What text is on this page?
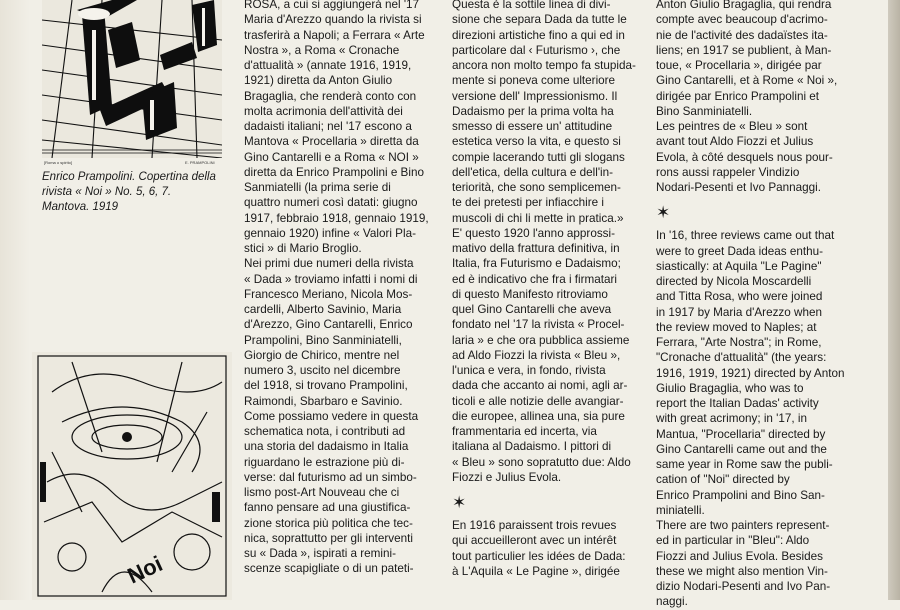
[Roma o spirito]	E. PRAMPOLINI
Enrico Prampolini. Copertina della
rivista « Noi » No. 5, 6, 7.
Mantova. 1919
Noi
ROSA, a cui si aggiungerà nel '17
Maria d'Arezzo quando la rivista si
trasferirà a Napoli; a Ferrara « Arte
Nostra », a Roma « Cronache
d'attualità » (annate 1916, 1919,
1921) diretta da Anton Giulio
Bragaglia, che renderà conto con
molta acrimonia dell'attività dei
dadaisti italiani; nel '17 escono a
Mantova « Procellaria » diretta da
Gino Cantarelli e a Roma « NOI »
diretta da Enrico Prampolini e Bino
Sanmiatelli (la prima serie di
quattro numeri così datati: giugno
1917, febbraio 1918, gennaio 1919,
gennaio 1920) infine « Valori Pla-
stici » di Mario Broglio.
Nei primi due numeri della rivista
« Dada » troviamo infatti i nomi di
Francesco Meriano, Nicola Mos-
cardelli, Alberto Savinio, Maria
d'Arezzo, Gino Cantarelli, Enrico
Prampolini, Bino Sanminiatelli,
Giorgio de Chirico, mentre nel
numero 3, uscito nel dicembre
del 1918, si trovano Prampolini,
Raimondi, Sbarbaro e Savinio.
Come possiamo vedere in questa
schematica nota, i contributi ad
una storia del dadaismo in Italia
riguardano le estrazione più di-
verse: dal futurismo ad un simbo-
lismo post-Art Nouveau che ci
fanno pensare ad una giustifica-
zione storica più politica che tec-
nica, soprattutto per gli interventi
su « Dada », ispirati a remini-
scenze scapigliate o di un pateti-
Questa è la sottile linea di divi-
sione che separa Dada da tutte le
direzioni artistiche fino a qui ed in
particolare dal ‹ Futurismo ›, che
ancora non molto tempo fa stupida-
mente si poneva come ulteriore
versione dell' Impressionismo. Il
Dadaismo per la prima volta ha
smesso di essere un' attitudine
estetica verso la vita, e questo si
compie lacerando tutti gli slogans
dell'etica, della cultura e dell'in-
teriorità, che sono semplicemen-
te dei pretesti per infiacchire i
muscoli di chi li mette in pratica.»
E' questo 1920 l'anno approssi-
mativo della frattura definitiva, in
Italia, fra Futurismo e Dadaismo;
ed è indicativo che fra i firmatari
di questo Manifesto ritroviamo
quel Gino Cantarelli che aveva
fondato nel '17 la rivista « Procel-
laria » e che ora pubblica assieme
ad Aldo Fiozzi la rivista « Bleu »,
l'unica e vera, in fondo, rivista
dada che accanto ai nomi, agli ar-
ticoli e alle notizie delle avangiar-
die europee, allinea una, sia pure
frammentaria ed incerta, via
italiana al Dadaismo. I pittori di
« Bleu » sono sopratutto due: Aldo
Fiozzi e Julius Evola.
✶
En 1916 paraissent trois revues
qui accueilleront avec un intérêt
tout particulier les idées de Dada:
à L'Aquila « Le Pagine », dirigée
Anton Giulio Bragaglia, qui rendra
compte avec beaucoup d'acrimo-
nie de l'activité des dadaïstes ita-
liens; en 1917 se publient, à Man-
toue, « Procellaria », dirigée par
Gino Cantarelli, et à Rome « Noi »,
dirigée par Enrico Prampolini et
Bino Sanminiatelli.
Les peintres de « Bleu » sont
avant tout Aldo Fiozzi et Julius
Evola, à côté desquels nous pour-
rons aussi rappeler Vindizio
Nodari-Pesenti et Ivo Pannaggi.
✶
In '16, three reviews came out that
were to greet Dada ideas enthu-
siastically: at Aquila "Le Pagine"
directed by Nicola Moscardelli
and Titta Rosa, who were joined
in 1917 by Maria d'Arezzo when
the review moved to Naples; at
Ferrara, "Arte Nostra"; in Rome,
"Cronache d'attualità" (the years:
1916, 1919, 1921) directed by Anton
Giulio Bragaglia, who was to
report the Italian Dadas' activity
with great acrimony; in '17, in
Mantua, "Procellaria" directed by
Gino Cantarelli came out and the
same year in Rome saw the publi-
cation of "Noi" directed by
Enrico Prampolini and Bino San-
miniatelli.
There are two painters represent-
ed in particular in "Bleu": Aldo
Fiozzi and Julius Evola. Besides
these we might also mention Vin-
dizio Nodari-Pesenti and Ivo Pan-
naggi.
